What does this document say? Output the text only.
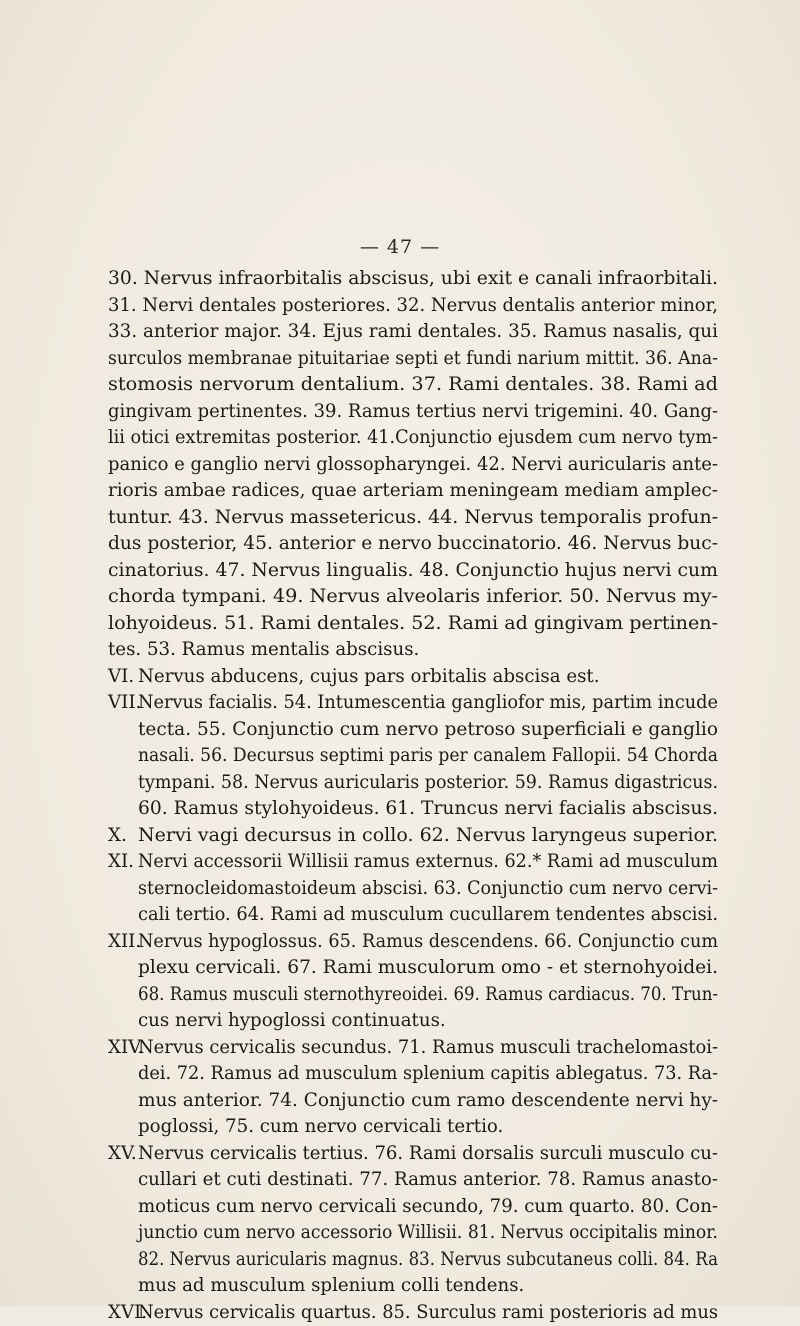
— 47 —
30. Nervus infraorbitalis abscisus, ubi exit e canali infraorbitali.
31. Nervi dentales posteriores. 32. Nervus dentalis anterior minor,
33. anterior major. 34. Ejus rami dentales. 35. Ramus nasalis, qui
surculos membranae pituitariae septi et fundi narium mittit. 36. Ana-
stomosis nervorum dentalium. 37. Rami dentales. 38. Rami ad
gingivam pertinentes. 39. Ramus tertius nervi trigemini. 40. Gang-
lii otici extremitas posterior. 41.Conjunctio ejusdem cum nervo tym-
panico e ganglio nervi glossopharyngei. 42. Nervi auricularis ante-
rioris ambae radices, quae arteriam meningeam mediam amplec-
tuntur. 43. Nervus massetericus. 44. Nervus temporalis profun-
dus posterior, 45. anterior e nervo buccinatorio. 46. Nervus buc-
cinatorius. 47. Nervus lingualis. 48. Conjunctio hujus nervi cum
chorda tympani. 49. Nervus alveolaris inferior. 50. Nervus my-
lohyoideus. 51. Rami dentales. 52. Rami ad gingivam pertinen-
tes. 53. Ramus mentalis abscisus.
VI. Nervus abducens, cujus pars orbitalis abscisa est.
VII.Nervus facialis. 54. Intumescentia gangliofor mis, partim incude
tecta. 55. Conjunctio cum nervo petroso superficiali e ganglio
nasali. 56. Decursus septimi paris per canalem Fallopii. 54 Chorda
tympani. 58. Nervus auricularis posterior. 59. Ramus digastricus.
60. Ramus stylohyoideus. 61. Truncus nervi facialis abscisus.
X. Nervi vagi decursus in collo. 62. Nervus laryngeus superior.
XI. Nervi accessorii Willisii ramus externus. 62.* Rami ad musculum
sternocleidomastoideum abscisi. 63. Conjunctio cum nervo cervi-
cali tertio. 64. Rami ad musculum cucullarem tendentes abscisi.
XII.Nervus hypoglossus. 65. Ramus descendens. 66. Conjunctio cum
plexu cervicali. 67. Rami musculorum omo - et sternohyoidei.
68. Ramus musculi sternothyreoidei. 69. Ramus cardiacus. 70. Trun-
cus nervi hypoglossi continuatus.
XIV.Nervus cervicalis secundus. 71. Ramus musculi trachelomastoi-
dei. 72. Ramus ad musculum splenium capitis ablegatus. 73. Ra-
mus anterior. 74. Conjunctio cum ramo descendente nervi hy-
poglossi, 75. cum nervo cervicali tertio.
XV.Nervus cervicalis tertius. 76. Rami dorsalis surculi musculo cu-
cullari et cuti destinati. 77. Ramus anterior. 78. Ramus anasto-
moticus cum nervo cervicali secundo, 79. cum quarto. 80. Con-
junctio cum nervo accessorio Willisii. 81. Nervus occipitalis minor.
82. Nervus auricularis magnus. 83. Nervus subcutaneus colli. 84. Ra
mus ad musculum splenium colli tendens.
XVI.Nervus cervicalis quartus. 85. Surculus rami posterioris ad mus
